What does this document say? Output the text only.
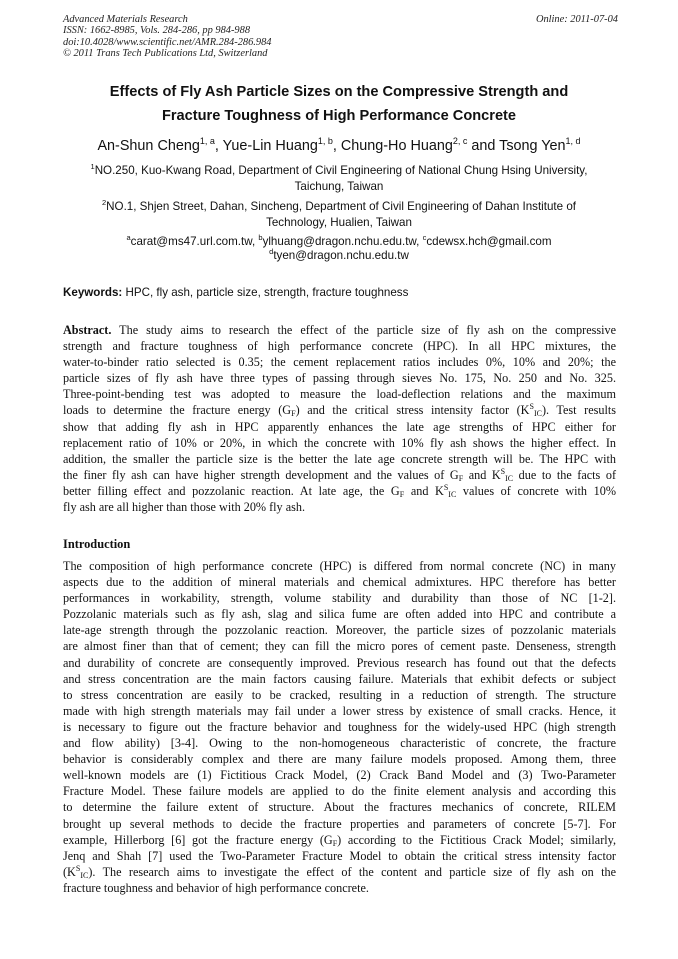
Advanced Materials Research
ISSN: 1662-8985, Vols. 284-286, pp 984-988
doi:10.4028/www.scientific.net/AMR.284-286.984
© 2011 Trans Tech Publications Ltd, Switzerland
Online: 2011-07-04
Effects of Fly Ash Particle Sizes on the Compressive Strength and
Fracture Toughness of High Performance Concrete
An-Shun Cheng$^{1, a}$, Yue-Lin Huang$^{1, b}$, Chung-Ho Huang$^{2, c}$ and Tsong Yen$^{1, d}$
$^1$NO.250, Kuo-Kwang Road, Department of Civil Engineering of National Chung Hsing University,
Taichung, Taiwan
$^2$NO.1, Shjen Street, Dahan, Sincheng, Department of Civil Engineering of Dahan Institute of
Technology, Hualien, Taiwan
$^a$carat@ms47.url.com.tw, $^b$ylhuang@dragon.nchu.edu.tw, $^c$cdewsx.hch@gmail.com
$^d$tyen@dragon.nchu.edu.tw
Keywords: HPC, fly ash, particle size, strength, fracture toughness
Abstract. The study aims to research the effect of the particle size of fly ash on the compressive
strength and fracture toughness of high performance concrete (HPC). In all HPC mixtures, the
water-to-binder ratio selected is 0.35; the cement replacement ratios includes 0%, 10% and 20%; the
particle sizes of fly ash have three types of passing through sieves No. 175, No. 250 and No. 325.
Three-point-bending test was adopted to measure the load-deflection relations and the maximum
loads to determine the fracture energy $(G_F)$ and the critical stress intensity factor $(K^S_{IC})$. Test results
show that adding fly ash in HPC apparently enhances the late age strengths of HPC either for
replacement ratio of 10% or 20%, in which the concrete with 10% fly ash shows the higher effect. In
addition, the smaller the particle size is the better the late age concrete strength will be. The HPC with
the finer fly ash can have higher strength development and the values of $G_F$ and $K^S_{IC}$ due to the facts of
better filling effect and pozzolanic reaction. At late age, the $G_F$ and $K^S_{IC}$ values of concrete with 10%
fly ash are all higher than those with 20% fly ash.
Introduction
The composition of high performance concrete (HPC) is differed from normal concrete (NC) in many
aspects due to the addition of mineral materials and chemical admixtures. HPC therefore has better
performances in workability, strength, volume stability and durability than those of NC [1-2].
Pozzolanic materials such as fly ash, slag and silica fume are often added into HPC and contribute a
late-age strength through the pozzolanic reaction. Moreover, the particle sizes of pozzolanic materials
are almost finer than that of cement; they can fill the micro pores of cement paste. Denseness, strength
and durability of concrete are consequently improved. Previous research has found out that the defects
and stress concentration are the main factors causing failure. Materials that exhibit defects or subject
to stress concentration are easily to be cracked, resulting in a reduction of strength. The structure
made with high strength materials may fail under a lower stress by existence of small cracks. Hence, it
is necessary to figure out the fracture behavior and toughness for the widely-used HPC (high strength
and flow ability) [3-4]. Owing to the non-homogeneous characteristic of concrete, the fracture
behavior is considerably complex and there are many failure models proposed. Among them, three
well-known models are (1) Fictitious Crack Model, (2) Crack Band Model and (3) Two-Parameter
Fracture Model. These failure models are applied to do the finite element analysis and according this
to determine the failure extent of structure. About the fractures mechanics of concrete, RILEM
brought up several methods to decide the fracture properties and parameters of concrete [5-7]. For
example, Hillerborg [6] got the fracture energy $(G_F)$ according to the Fictitious Crack Model; similarly,
Jenq and Shah [7] used the Two-Parameter Fracture Model to obtain the critical stress intensity factor
$(K^S_{IC})$. The research aims to investigate the effect of the content and particle size of fly ash on the
fracture toughness and behavior of high performance concrete.
